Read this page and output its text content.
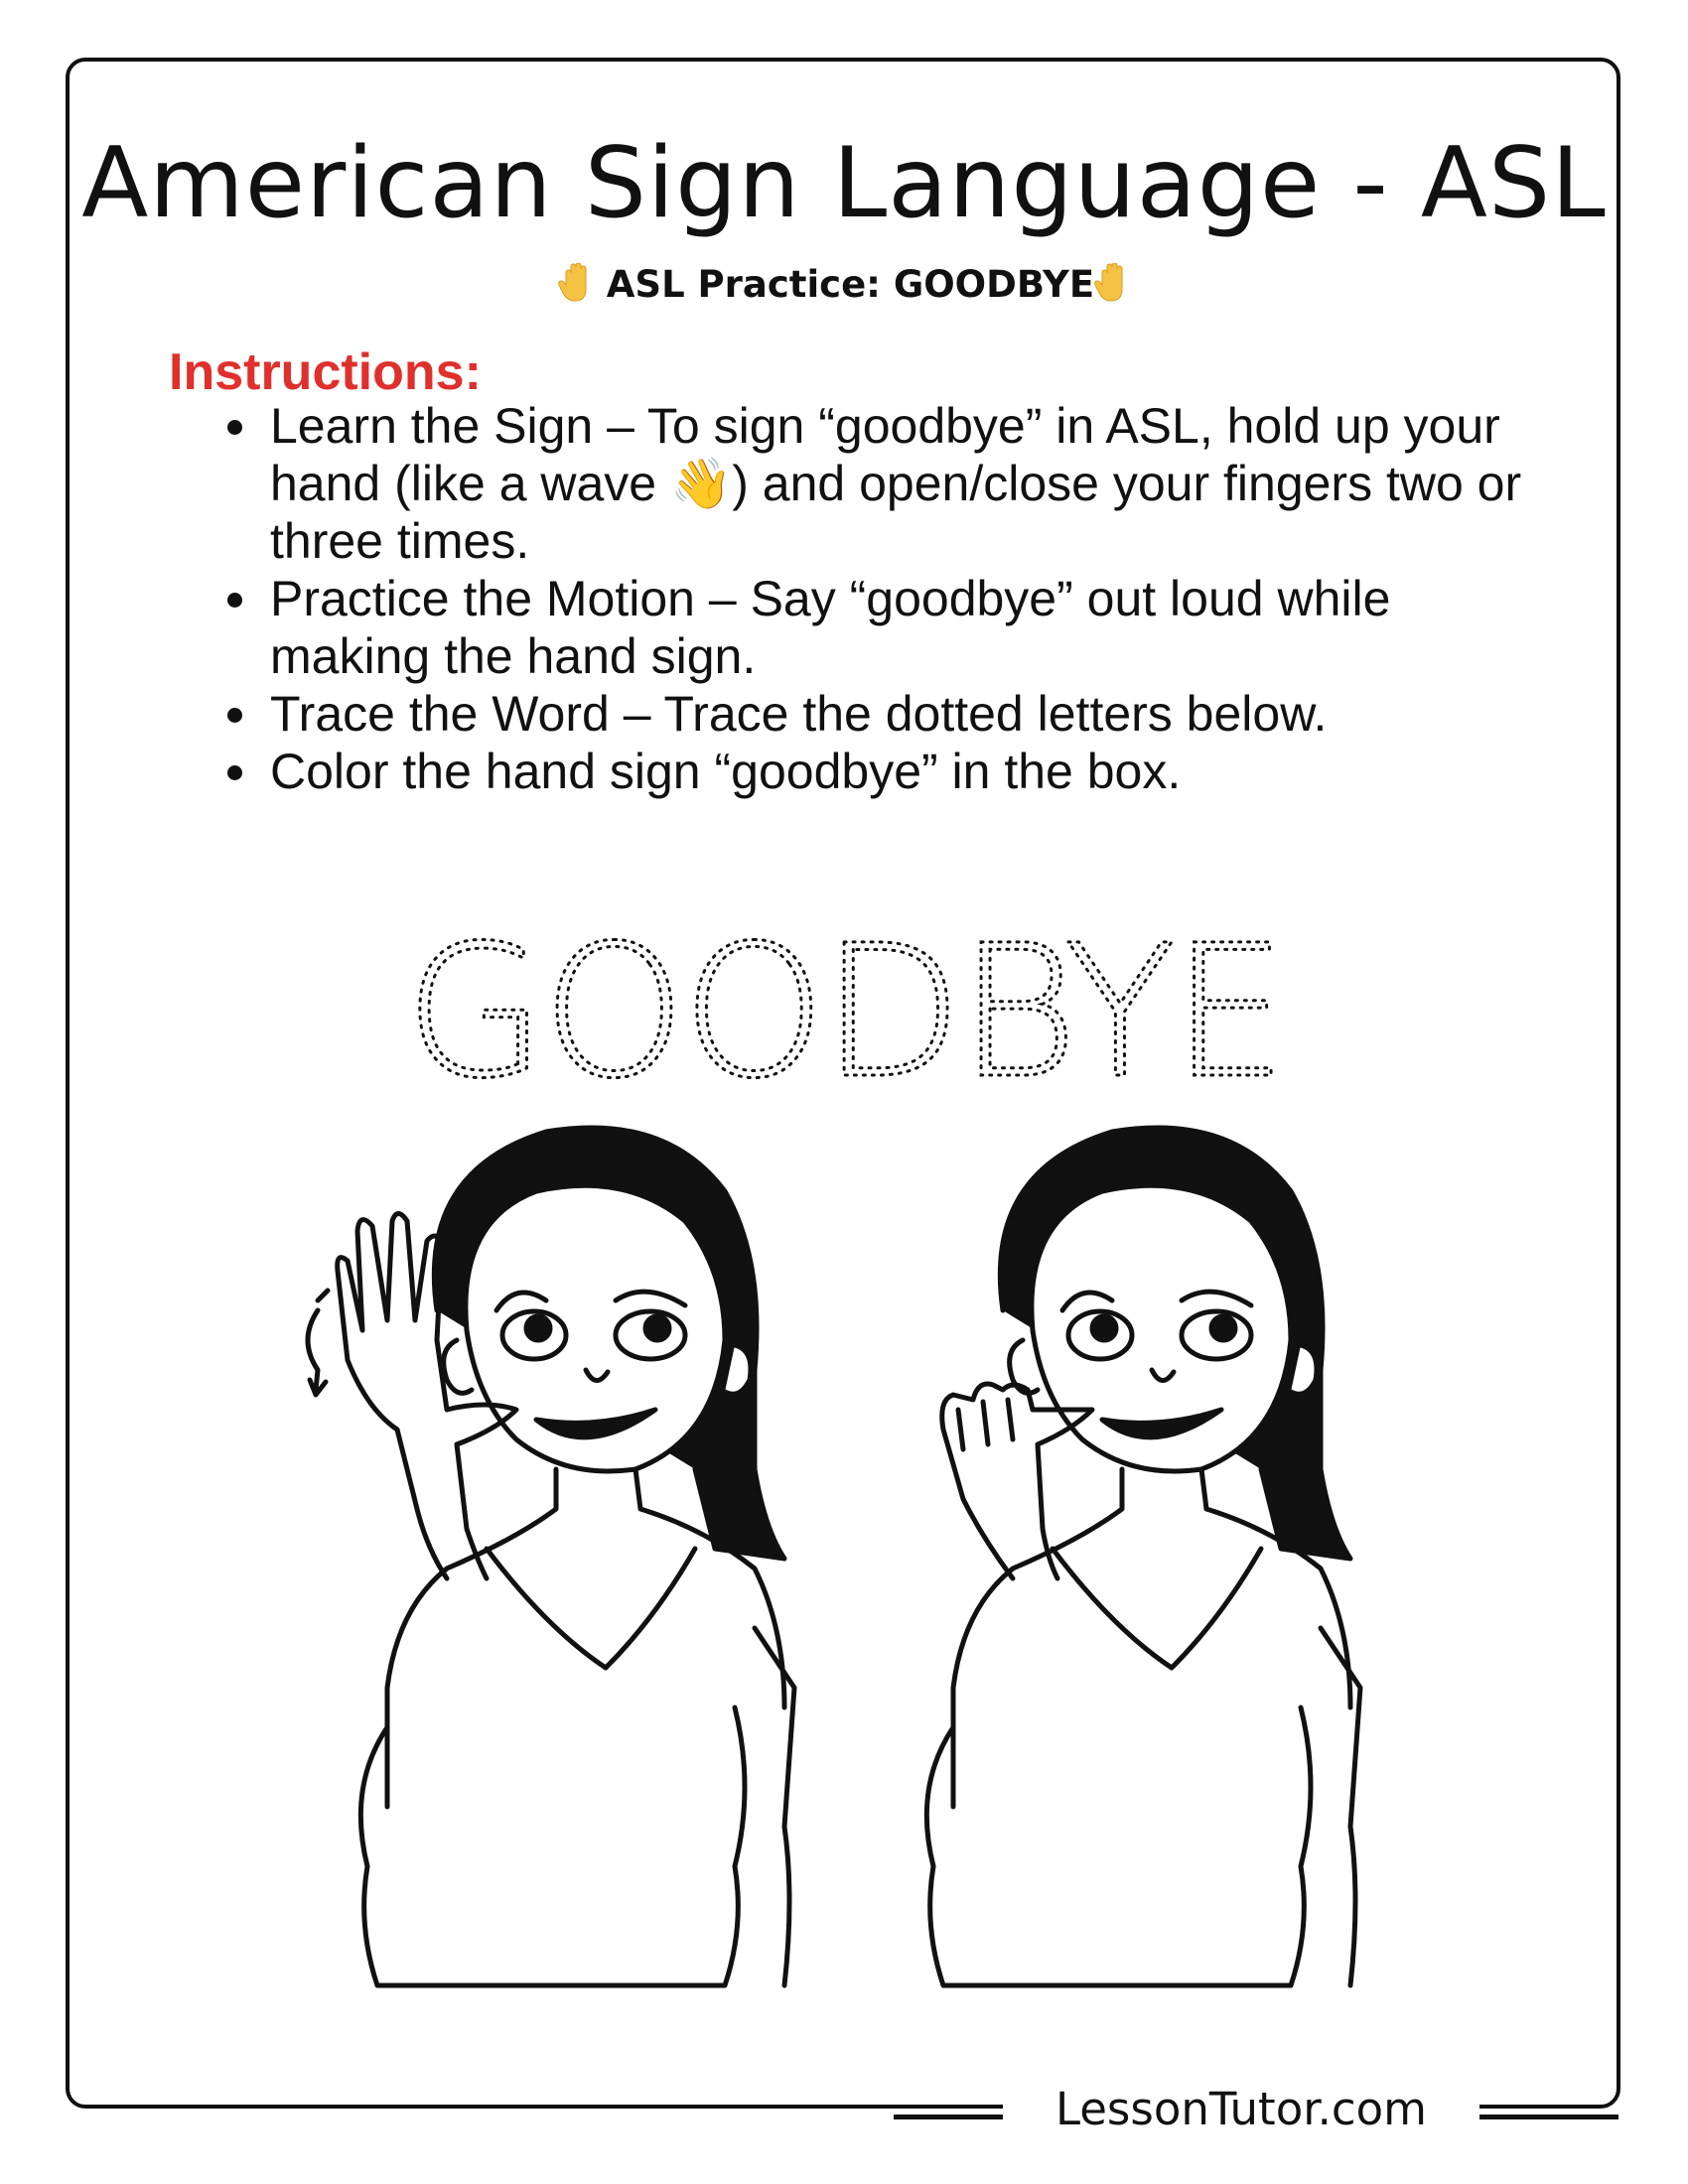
American Sign Language - ASL
ASL Practice: GOODBYE
Instructions:
• Learn the Sign – To sign “goodbye” in ASL, hold up your hand (like a wave 👋) and open/close your fingers two or three times.
• Practice the Motion – Say “goodbye” out loud while making the hand sign.
• Trace the Word – Trace the dotted letters below.
• Color the hand sign “goodbye” in the box.
GOODBYE
LessonTutor.com
